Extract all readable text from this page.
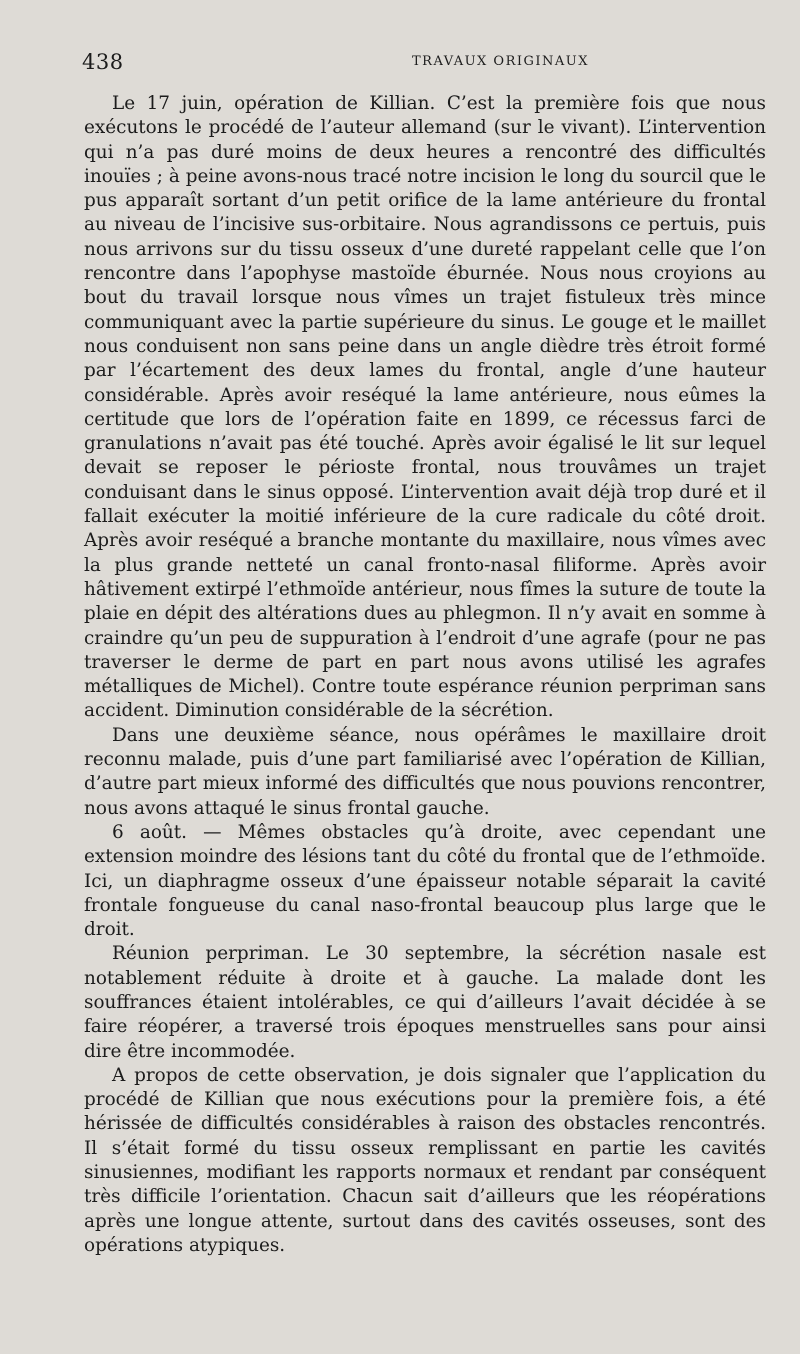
438	TRAVAUX ORIGINAUX

Le 17 juin, opération de Killian. C’est la première fois que nous exécutons le procédé de l’auteur allemand (sur le vivant). L’intervention qui n’a pas duré moins de deux heures a rencontré des difficultés inouïes ; à peine avons-nous tracé notre incision le long du sourcil que le pus apparaît sortant d’un petit orifice de la lame antérieure du frontal au niveau de l’incisive sus-orbitaire. Nous agrandissons ce pertuis, puis nous arrivons sur du tissu osseux d’une dureté rappelant celle que l’on rencontre dans l’apophyse mastoïde éburnée. Nous nous croyions au bout du travail lorsque nous vîmes un trajet fistuleux très mince communiquant avec la partie supérieure du sinus. Le gouge et le maillet nous conduisent non sans peine dans un angle dièdre très étroit formé par l’écartement des deux lames du frontal, angle d’une hauteur considérable. Après avoir reséqué la lame antérieure, nous eûmes la certitude que lors de l’opération faite en 1899, ce récessus farci de granulations n’avait pas été touché. Après avoir égalisé le lit sur lequel devait se reposer le périoste frontal, nous trouvâmes un trajet conduisant dans le sinus opposé. L’intervention avait déjà trop duré et il fallait exécuter la moitié inférieure de la cure radicale du côté droit. Après avoir reséqué a branche montante du maxillaire, nous vîmes avec la plus grande netteté un canal fronto-nasal filiforme. Après avoir hâtivement extirpé l’ethmoïde antérieur, nous fîmes la suture de toute la plaie en dépit des altérations dues au phlegmon. Il n’y avait en somme à craindre qu’un peu de suppuration à l’endroit d’une agrafe (pour ne pas traverser le derme de part en part nous avons utilisé les agrafes métalliques de Michel). Contre toute espérance réunion perpriman sans accident. Diminution considérable de la sécrétion.

Dans une deuxième séance, nous opérâmes le maxillaire droit reconnu malade, puis d’une part familiarisé avec l’opération de Killian, d’autre part mieux informé des difficultés que nous pouvions rencontrer, nous avons attaqué le sinus frontal gauche.

6 août. — Mêmes obstacles qu’à droite, avec cependant une extension moindre des lésions tant du côté du frontal que de l’ethmoïde. Ici, un diaphragme osseux d’une épaisseur notable séparait la cavité frontale fongueuse du canal naso-frontal beaucoup plus large que le droit.

Réunion perpriman. Le 30 septembre, la sécrétion nasale est notablement réduite à droite et à gauche. La malade dont les souffrances étaient intolérables, ce qui d’ailleurs l’avait décidée à se faire réopérer, a traversé trois époques menstruelles sans pour ainsi dire être incommodée.

A propos de cette observation, je dois signaler que l’application du procédé de Killian que nous exécutions pour la première fois, a été hérissée de difficultés considérables à raison des obstacles rencontrés. Il s’était formé du tissu osseux remplissant en partie les cavités sinusiennes, modifiant les rapports normaux et rendant par conséquent très difficile l’orientation. Chacun sait d’ailleurs que les réopérations après une longue attente, surtout dans des cavités osseuses, sont des opérations atypiques.
